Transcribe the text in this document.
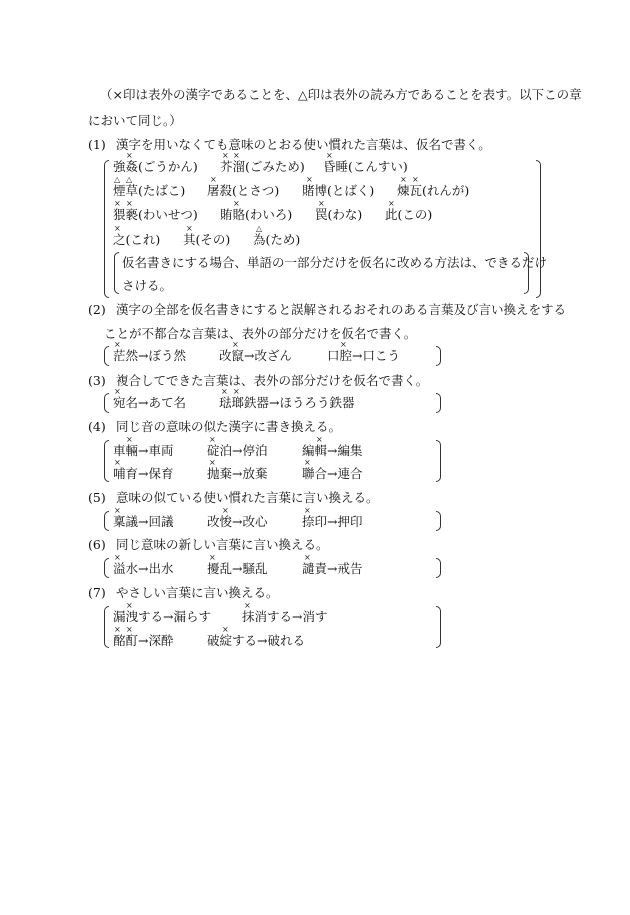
（×印は表外の漢字であることを、△印は表外の読み方であることを表す。以下この章
において同じ。）
(1) 漢字を用いなくても意味のとおる使い慣れた言葉は、仮名で書く。
×
強姦(ごうかん)
× ×
芥溜(ごみため)
×
昏睡(こんすい)
△ △
煙草(たばこ)
×
屠殺(とさつ)
×
賭博(とばく)
× ×
煉瓦(れんが)
× ×
猥褻(わいせつ)
×
賄賂(わいろ)
×
罠(わな)
×
此(この)
×
之(これ)
×
其(その)
△
為(ため)
仮名書きにする場合、単語の一部分だけを仮名に改める方法は、できるだけ
さける。
(2) 漢字の全部を仮名書きにすると誤解されるおそれのある言葉及び言い換えをする
ことが不都合な言葉は、表外の部分だけを仮名で書く。
×
茫然→ぼう然
×
改竄→改ざん
×
口腔→口こう
(3) 複合してできた言葉は、表外の部分だけを仮名で書く。
×
宛名→あて名
× ×
琺瑯鉄器→ほうろう鉄器
(4) 同じ音の意味の似た漢字に書き換える。
×
車輛→車両
×
碇泊→停泊
×
編輯→編集
×
哺育→保育
×
抛棄→放棄
×
聯合→連合
(5) 意味の似ている使い慣れた言葉に言い換える。
×
稟議→回議
×
改悛→改心
×
捺印→押印
(6) 同じ意味の新しい言葉に言い換える。
×
溢水→出水
×
擾乱→騒乱
×
譴責→戒告
(7) やさしい言葉に言い換える。
×
漏洩する→漏らす
×
抹消する→消す
× ×
酩酊→深酔
×
破綻する→破れる
